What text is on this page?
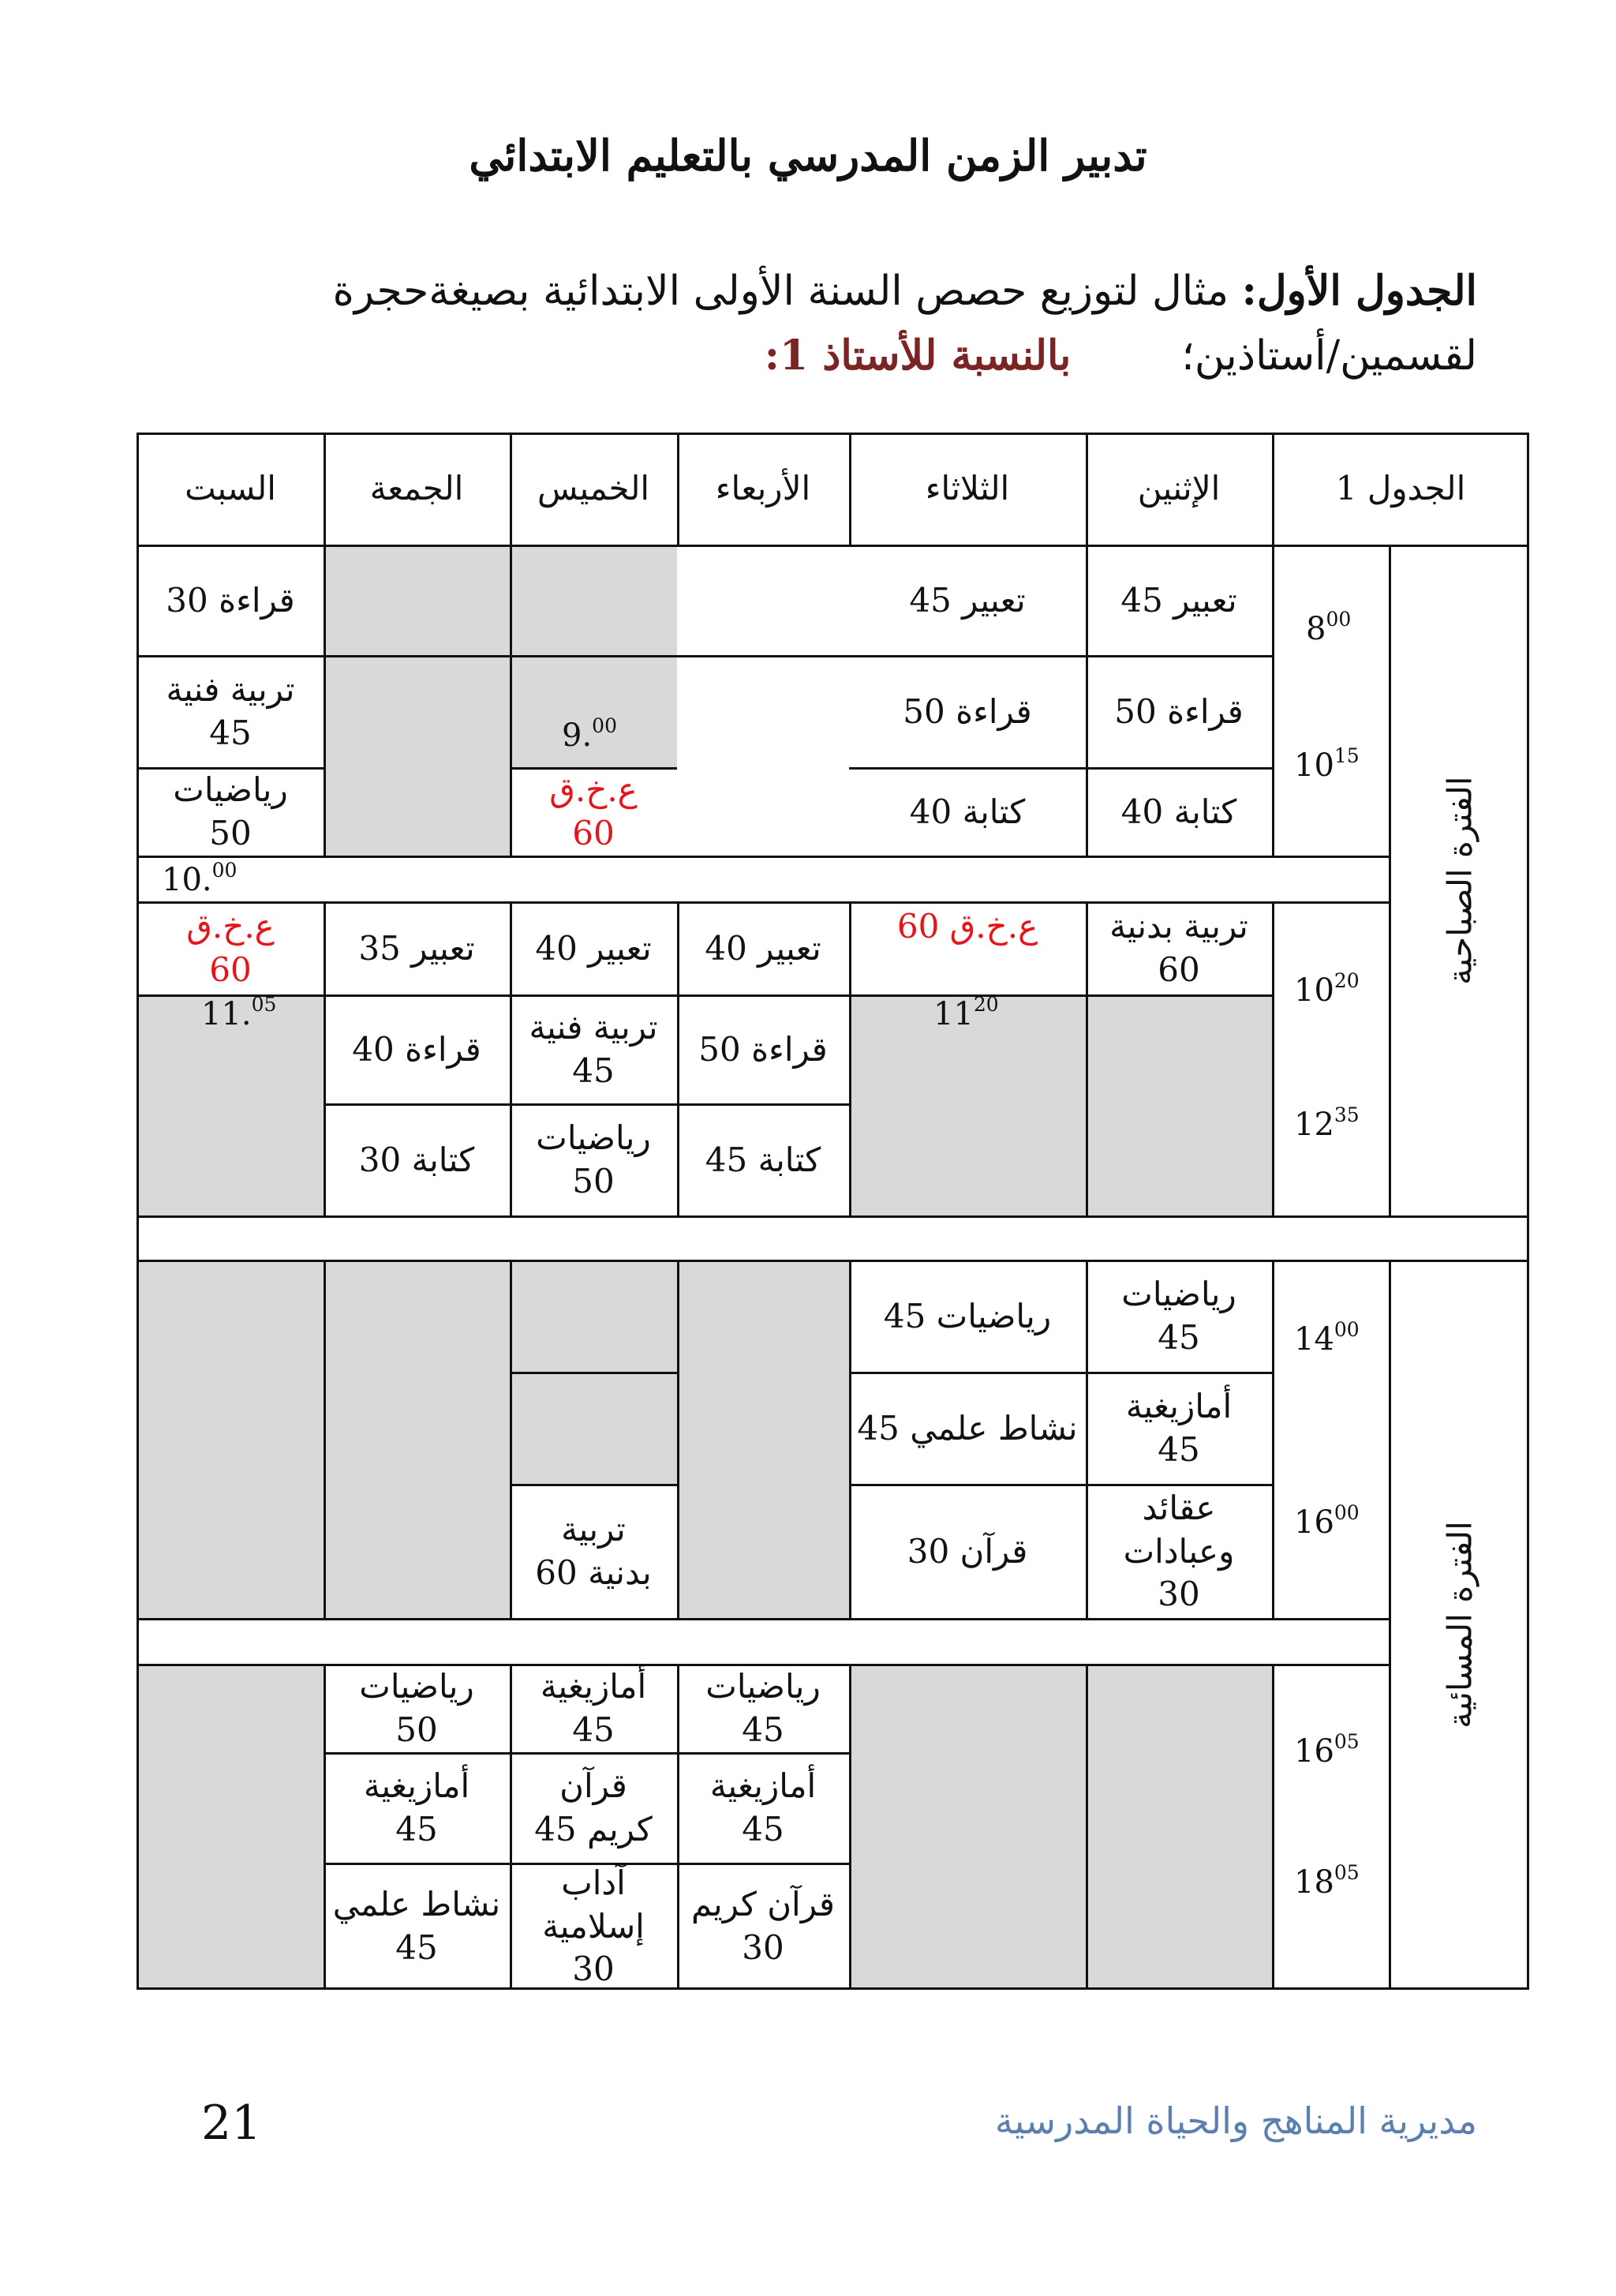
تدبير الزمن المدرسي بالتعليم الابتدائي
الجدول الأول: مثال لتوزيع حصص السنة الأولى الابتدائية بصيغةحجرة
لقسمين/أستاذين؛بالنسبة للأستاذ 1:
الجدول 1
الإثنين
الثلاثاء
الأربعاء
الخميس
الجمعة
السبت
الفترة الصباحية
الفترة المسائية
$8^{00}$
$10^{15}$
$10^{20}$
$12^{35}$
$14^{00}$
$16^{00}$
$16^{05}$
$18^{05}$
9.00
10.00
11.05	$11^{20}$
تعبير 45
قراءة 50
كتابة 40
تربية بدنية
60
رياضيات
45
أمازيغية
45
عقائد
وعبادات
30
تعبير 45
قراءة 50
كتابة 40
ع.خ.ق 60
رياضيات 45
نشاط علمي 45
قرآن 30
تعبير 40
قراءة 50
كتابة 45
رياضيات
45
أمازيغية
45
قرآن كريم
30
ع.خ.ق
60
تعبير 40
تربية فنية
45
رياضيات
50
تربية
بدنية 60
أمازيغية
45
قرآن
كريم 45
آداب
إسلامية
30
تعبير 35
قراءة 40
كتابة 30
رياضيات
50
أمازيغية
45
نشاط علمي
45
قراءة 30
تربية فنية
45
رياضيات
50
ع.خ.ق
60
21	مديرية المناهج والحياة المدرسية
